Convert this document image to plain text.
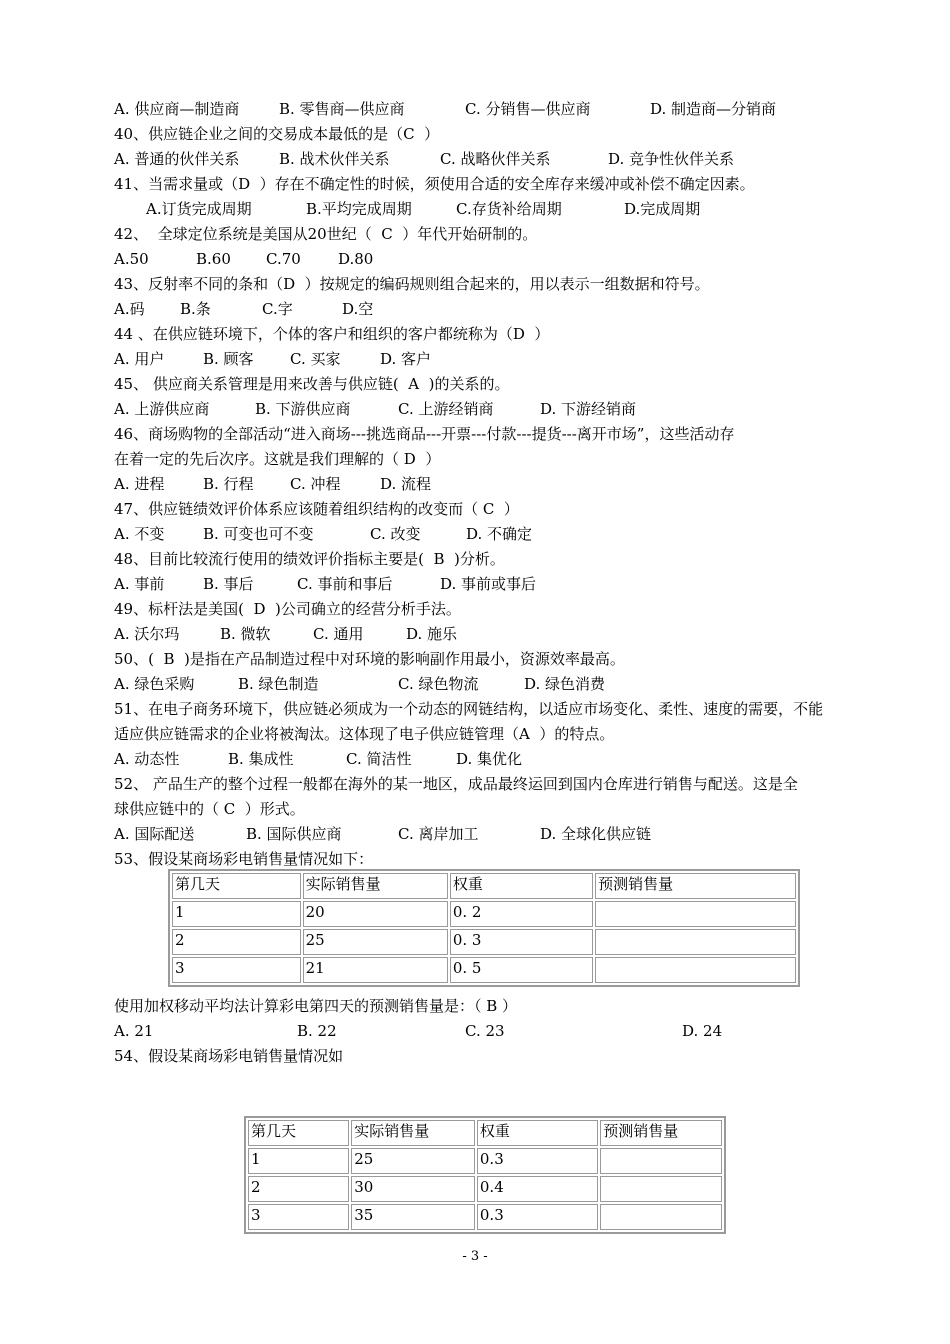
第几天	实际销售量	权重	预测销售量
1	20	0. 2	
2	25	0. 3	
3	21	0. 5	
第几天	实际销售量	权重	预测销售量
1	25	0.3	
2	30	0.4	
3	35	0.3	
- 3 -
A. 供应商—制造商	B. 零售商—供应商	C. 分销售—供应商	D. 制造商—分销商
40、供应链企业之间的交易成本最低的是（C  ）
A. 普通的伙伴关系	B. 战术伙伴关系	C. 战略伙伴关系	D. 竞争性伙伴关系
41、当需求量或（D  ）存在不确定性的时候，须使用合适的安全库存来缓冲或补偿不确定因素。
A.订货完成周期	B.平均完成周期	C.存货补给周期	D.完成周期
42、  全球定位系统是美国从20世纪（  C  ）年代开始研制的。
A.50	B.60 C.70 D.80
43、反射率不同的条和（D  ）按规定的编码规则组合起来的，用以表示一组数据和符号。
A.码 B.条	C.字	D.空
44 、在供应链环境下，个体的客户和组织的客户都统称为（D  ）
A. 用户	B. 顾客 C. 买家	D. 客户
45、 供应商关系管理是用来改善与供应链(  A  )的关系的。
A. 上游供应商	B. 下游供应商	C. 上游经销商	D. 下游经销商
46、商场购物的全部活动“进入商场---挑选商品---开票---付款---提货---离开市场”，这些活动存
在着一定的先后次序。这就是我们理解的（ D  ）
A. 进程	B. 行程 C. 冲程	D. 流程
47、供应链绩效评价体系应该随着组织结构的改变而（ C  ）
A. 不变	B. 可变也可不变	C. 改变	D. 不确定
48、目前比较流行使用的绩效评价指标主要是(  B  )分析。
A. 事前	B. 事后	C. 事前和事后	D. 事前或事后
49、标杆法是美国(  D  )公司确立的经营分析手法。
A. 沃尔玛	B. 微软	C. 通用	D. 施乐
50、(  B  )是指在产品制造过程中对环境的影响副作用最小，资源效率最高。
A. 绿色采购	B. 绿色制造	C. 绿色物流	D. 绿色消费
51、在电子商务环境下，供应链必须成为一个动态的网链结构，以适应市场变化、柔性、速度的需要，不能
适应供应链需求的企业将被淘汰。这体现了电子供应链管理（A  ）的特点。
A. 动态性	B. 集成性	C. 简洁性	D. 集优化
52、 产品生产的整个过程一般都在海外的某一地区，成品最终运回到国内仓库进行销售与配送。这是全
球供应链中的（ C  ）形式。
A. 国际配送	B. 国际供应商	C. 离岸加工	D. 全球化供应链
53、假设某商场彩电销售量情况如下：
使用加权移动平均法计算彩电第四天的预测销售量是：（ B ）
A. 21	B. 22	C. 23	D. 24
54、假设某商场彩电销售量情况如
